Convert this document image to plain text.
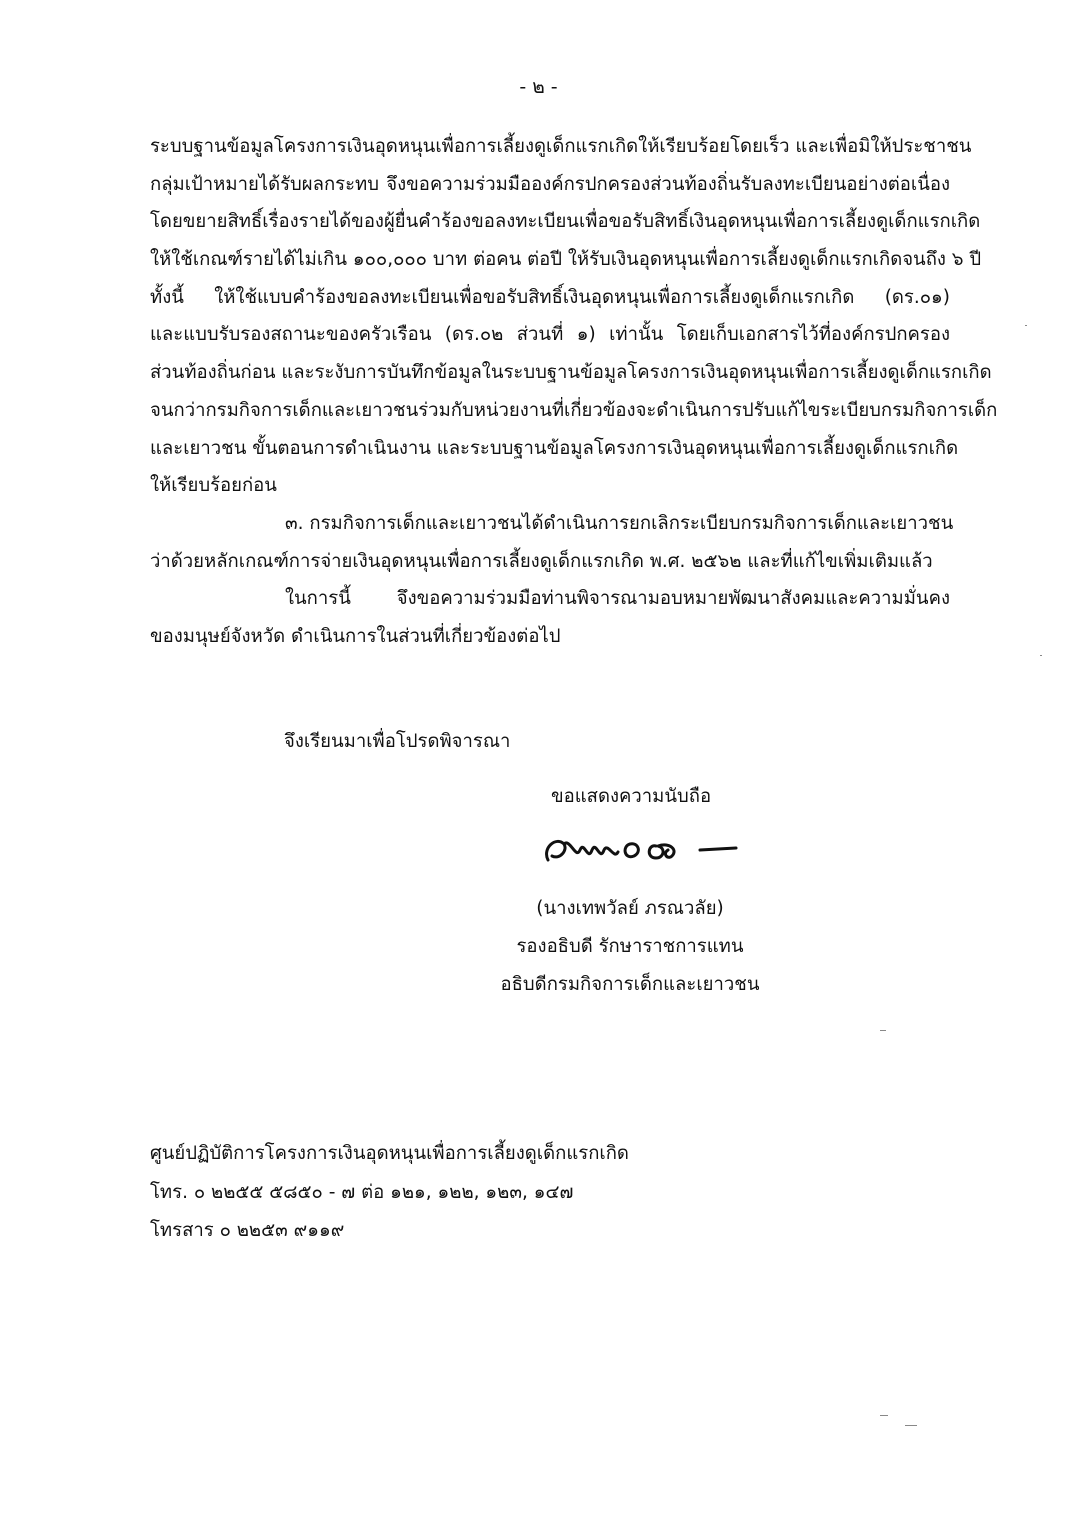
- ๒ -
ระบบฐานข้อมูลโครงการเงินอุดหนุนเพื่อการเลี้ยงดูเด็กแรกเกิดให้เรียบร้อยโดยเร็ว และเพื่อมิให้ประชาชน
กลุ่มเป้าหมายได้รับผลกระทบ จึงขอความร่วมมือองค์กรปกครองส่วนท้องถิ่นรับลงทะเบียนอย่างต่อเนื่อง
โดยขยายสิทธิ์เรื่องรายได้ของผู้ยื่นคำร้องขอลงทะเบียนเพื่อขอรับสิทธิ์เงินอุดหนุนเพื่อการเลี้ยงดูเด็กแรกเกิด
ให้ใช้เกณฑ์รายได้ไม่เกิน ๑๐๐,๐๐๐ บาท ต่อคน ต่อปี ให้รับเงินอุดหนุนเพื่อการเลี้ยงดูเด็กแรกเกิดจนถึง ๖ ปี
ทั้งนี้ ให้ใช้แบบคำร้องขอลงทะเบียนเพื่อขอรับสิทธิ์เงินอุดหนุนเพื่อการเลี้ยงดูเด็กแรกเกิด (ดร.๐๑)
และแบบรับรองสถานะของครัวเรือน (ดร.๐๒ ส่วนที่ ๑) เท่านั้น โดยเก็บเอกสารไว้ที่องค์กรปกครอง
ส่วนท้องถิ่นก่อน และระงับการบันทึกข้อมูลในระบบฐานข้อมูลโครงการเงินอุดหนุนเพื่อการเลี้ยงดูเด็กแรกเกิด
จนกว่ากรมกิจการเด็กและเยาวชนร่วมกับหน่วยงานที่เกี่ยวข้องจะดำเนินการปรับแก้ไขระเบียบกรมกิจการเด็ก
และเยาวชน ขั้นตอนการดำเนินงาน และระบบฐานข้อมูลโครงการเงินอุดหนุนเพื่อการเลี้ยงดูเด็กแรกเกิด
ให้เรียบร้อยก่อน
๓. กรมกิจการเด็กและเยาวชนได้ดำเนินการยกเลิกระเบียบกรมกิจการเด็กและเยาวชน
ว่าด้วยหลักเกณฑ์การจ่ายเงินอุดหนุนเพื่อการเลี้ยงดูเด็กแรกเกิด พ.ศ. ๒๕๖๒ และที่แก้ไขเพิ่มเติมแล้ว
ในการนี้ จึงขอความร่วมมือท่านพิจารณามอบหมายพัฒนาสังคมและความมั่นคง
ของมนุษย์จังหวัด ดำเนินการในส่วนที่เกี่ยวข้องต่อไป
จึงเรียนมาเพื่อโปรดพิจารณา
ขอแสดงความนับถือ
(นางเทพวัลย์ ภรณวลัย)
รองอธิบดี รักษาราชการแทน
อธิบดีกรมกิจการเด็กและเยาวชน
ศูนย์ปฏิบัติการโครงการเงินอุดหนุนเพื่อการเลี้ยงดูเด็กแรกเกิด
โทร. ๐ ๒๒๕๕ ๕๘๕๐ - ๗ ต่อ ๑๒๑, ๑๒๒, ๑๒๓, ๑๔๗
โทรสาร ๐ ๒๒๕๓ ๙๑๑๙
